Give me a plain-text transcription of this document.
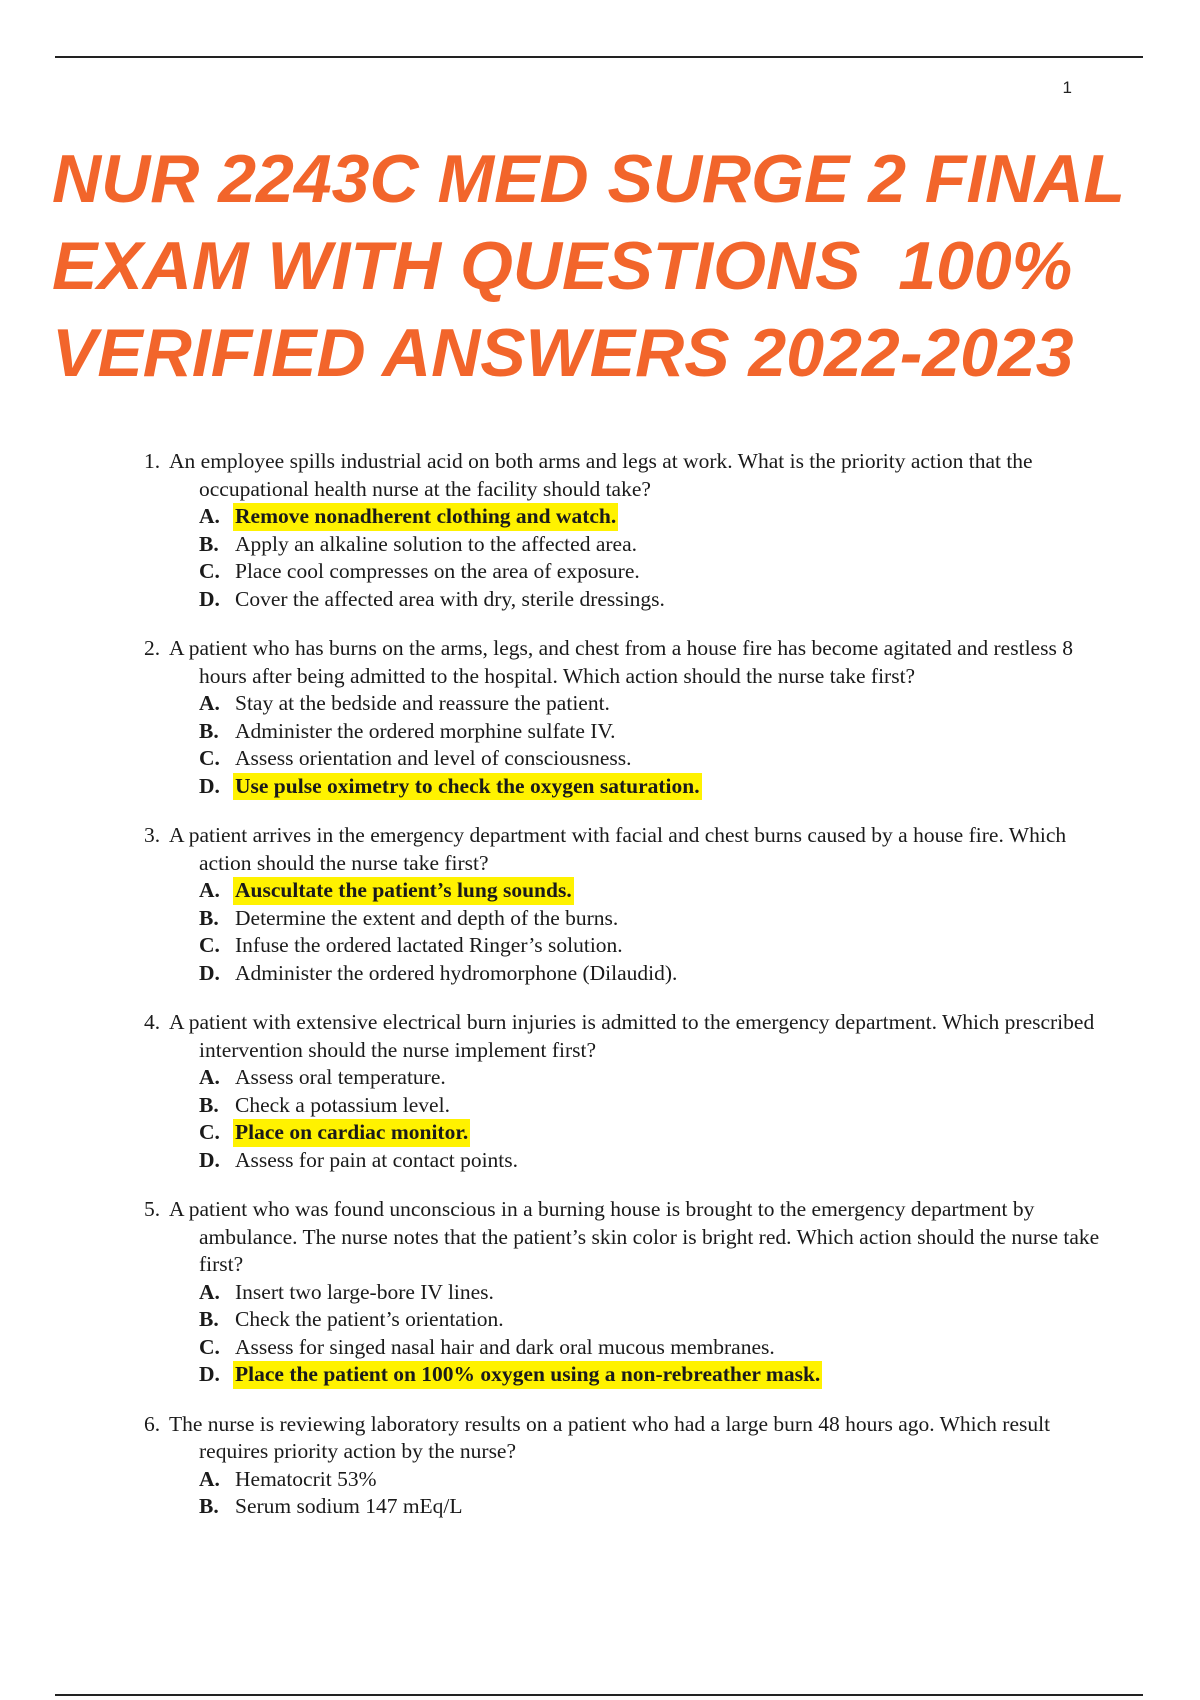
1
NUR 2243C MED SURGE 2 FINAL
EXAM WITH QUESTIONS  100%
VERIFIED ANSWERS 2022-2023
1. An employee spills industrial acid on both arms and legs at work. What is the priority action that the occupational health nurse at the facility should take?
A. Remove nonadherent clothing and watch.
B. Apply an alkaline solution to the affected area.
C. Place cool compresses on the area of exposure.
D. Cover the affected area with dry, sterile dressings.
2. A patient who has burns on the arms, legs, and chest from a house fire has become agitated and restless 8 hours after being admitted to the hospital. Which action should the nurse take first?
A. Stay at the bedside and reassure the patient.
B. Administer the ordered morphine sulfate IV.
C. Assess orientation and level of consciousness.
D. Use pulse oximetry to check the oxygen saturation.
3. A patient arrives in the emergency department with facial and chest burns caused by a house fire. Which action should the nurse take first?
A. Auscultate the patient’s lung sounds.
B. Determine the extent and depth of the burns.
C. Infuse the ordered lactated Ringer’s solution.
D. Administer the ordered hydromorphone (Dilaudid).
4. A patient with extensive electrical burn injuries is admitted to the emergency department. Which prescribed intervention should the nurse implement first?
A. Assess oral temperature.
B. Check a potassium level.
C. Place on cardiac monitor.
D. Assess for pain at contact points.
5. A patient who was found unconscious in a burning house is brought to the emergency department by ambulance. The nurse notes that the patient’s skin color is bright red. Which action should the nurse take first?
A. Insert two large-bore IV lines.
B. Check the patient’s orientation.
C. Assess for singed nasal hair and dark oral mucous membranes.
D. Place the patient on 100% oxygen using a non-rebreather mask.
6. The nurse is reviewing laboratory results on a patient who had a large burn 48 hours ago. Which result requires priority action by the nurse?
A. Hematocrit 53%
B. Serum sodium 147 mEq/L
